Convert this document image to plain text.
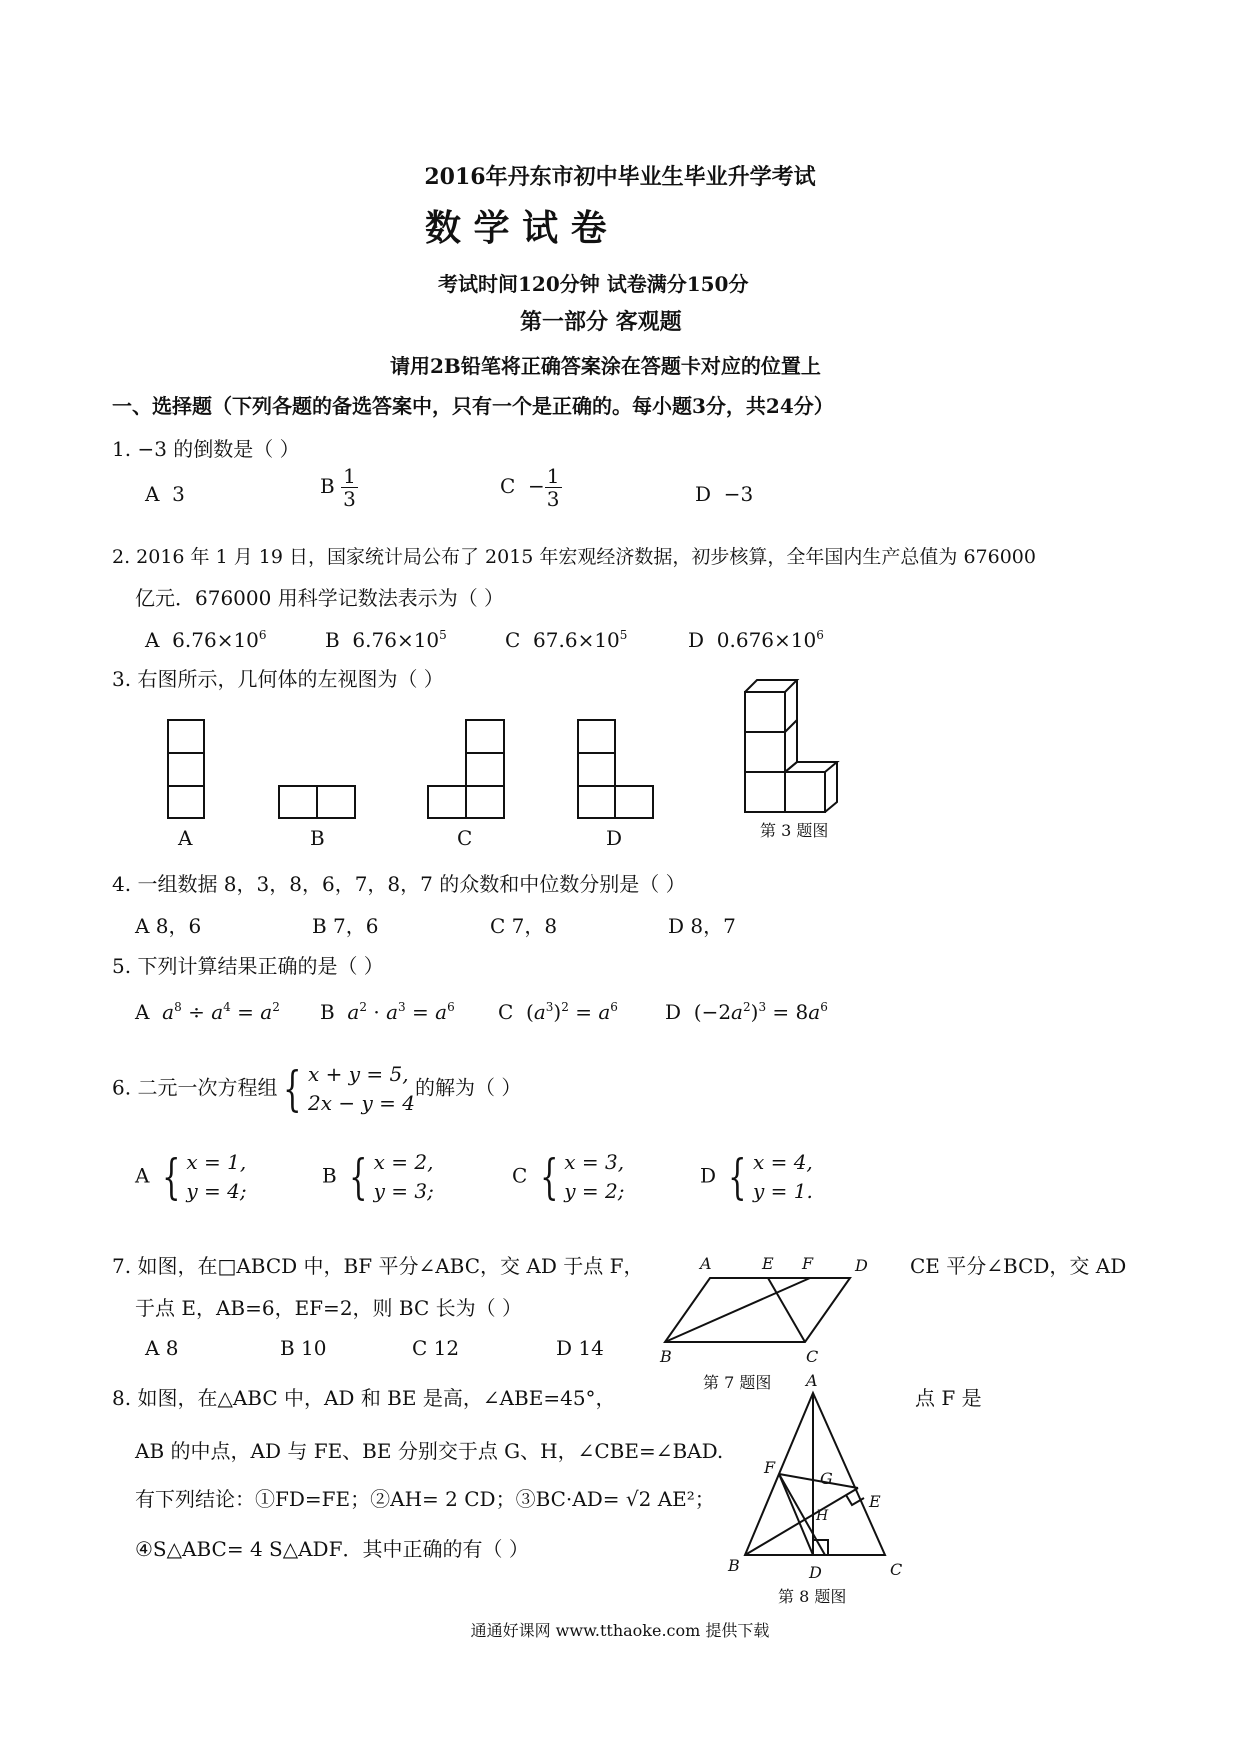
2016年丹东市初中毕业生毕业升学考试
数 学 试 卷
考试时间120分钟 试卷满分150分
第一部分 客观题
请用2B铅笔将正确答案涂在答题卡对应的位置上
一、选择题（下列各题的备选答案中，只有一个是正确的。每小题3分，共24分）
1. −3 的倒数是（ ）
A 3	B $\frac{1}{3}$	$C - \frac{1}{3}$	D −3
2. 2016 年 1 月 19 日，国家统计局公布了 2015 年宏观经济数据，初步核算，全年国内生产总值为 676000
亿元．676000 用科学记数法表示为（ ）
A $6.76\times 10^6$	B $6.76\times 10^5$	C $67.6\times 10^5$	D $0.676\times 10^6$
3. 右图所示，几何体的左视图为（ ）
A	B	C	D	第 3 题图
4. 一组数据 8，3，8，6，7，8，7 的众数和中位数分别是（ ）
A 8，6	B 7，6	C 7，8	D 8，7
5. 下列计算结果正确的是（ ）
A $a^8 \div a^4 = a^2$ B $a^2 \cdot a^3 = a^6$ C  $(a^3)^2 = a^6$ D  $(-2a^2)^3 = 8a^6$
6. 二元一次方程组 { x + y = 5,
2x − y = 4
的解为（ ）
A { x = 1,
y = 4;
B { x = 2,
y = 3;
C { x = 3,
y = 2;
D { x = 4,
y = 1.
7. 如图，在□ABCD 中，BF 平分∠ABC，交 AD 于点 F，	CE 平分∠BCD，交 AD
于点 E，AB=6，EF=2，则 BC 长为（ ）
A 8	B 10	C 12	D 14
A	E F	D
B	C
第 7 题图
8. 如图，在△ABC 中，AD 和 BE 是高，∠ABE=45°，	点 F 是
AB 的中点，AD 与 FE、BE 分别交于点 G、H，∠CBE=∠BAD.
有下列结论：①FD=FE；②AH= 2 CD；③BC·AD= √2 AE²；
④S△ABC= 4 S△ADF．其中正确的有（ ）
A
F
G
E
H
B	D	C
第 8 题图
通通好课网 www.tthaoke.com 提供下载
